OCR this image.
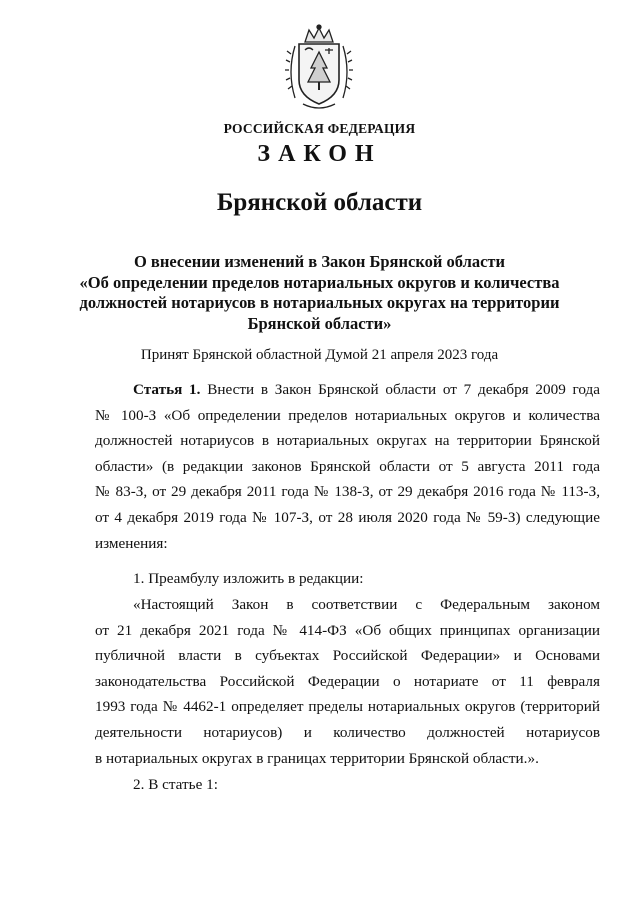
РОССИЙСКАЯ ФЕДЕРАЦИЯ
ЗАКОН
Брянской области
О внесении изменений в Закон Брянской области
«Об определении пределов нотариальных округов и количества
должностей нотариусов в нотариальных округах на территории
Брянской области»
Принят Брянской областной Думой 21 апреля 2023 года
Статья 1. Внести в Закон Брянской области от 7 декабря 2009 года
№ 100-З «Об определении пределов нотариальных округов и количества
должностей нотариусов в нотариальных округах на территории Брянской
области» (в редакции законов Брянской области от 5 августа 2011 года
№ 83-З, от 29 декабря 2011 года № 138-З, от 29 декабря 2016 года № 113-З,
от 4 декабря 2019 года № 107-З, от 28 июля 2020 года № 59-З) следующие
изменения:
1. Преамбулу изложить в редакции:
«Настоящий Закон в соответствии с Федеральным законом
от 21 декабря 2021 года № 414-ФЗ «Об общих принципах организации
публичной власти в субъектах Российской Федерации» и Основами
законодательства Российской Федерации о нотариате от 11 февраля
1993 года № 4462-1 определяет пределы нотариальных округов (территорий
деятельности нотариусов) и количество должностей нотариусов
в нотариальных округах в границах территории Брянской области.».
2. В статье 1:
